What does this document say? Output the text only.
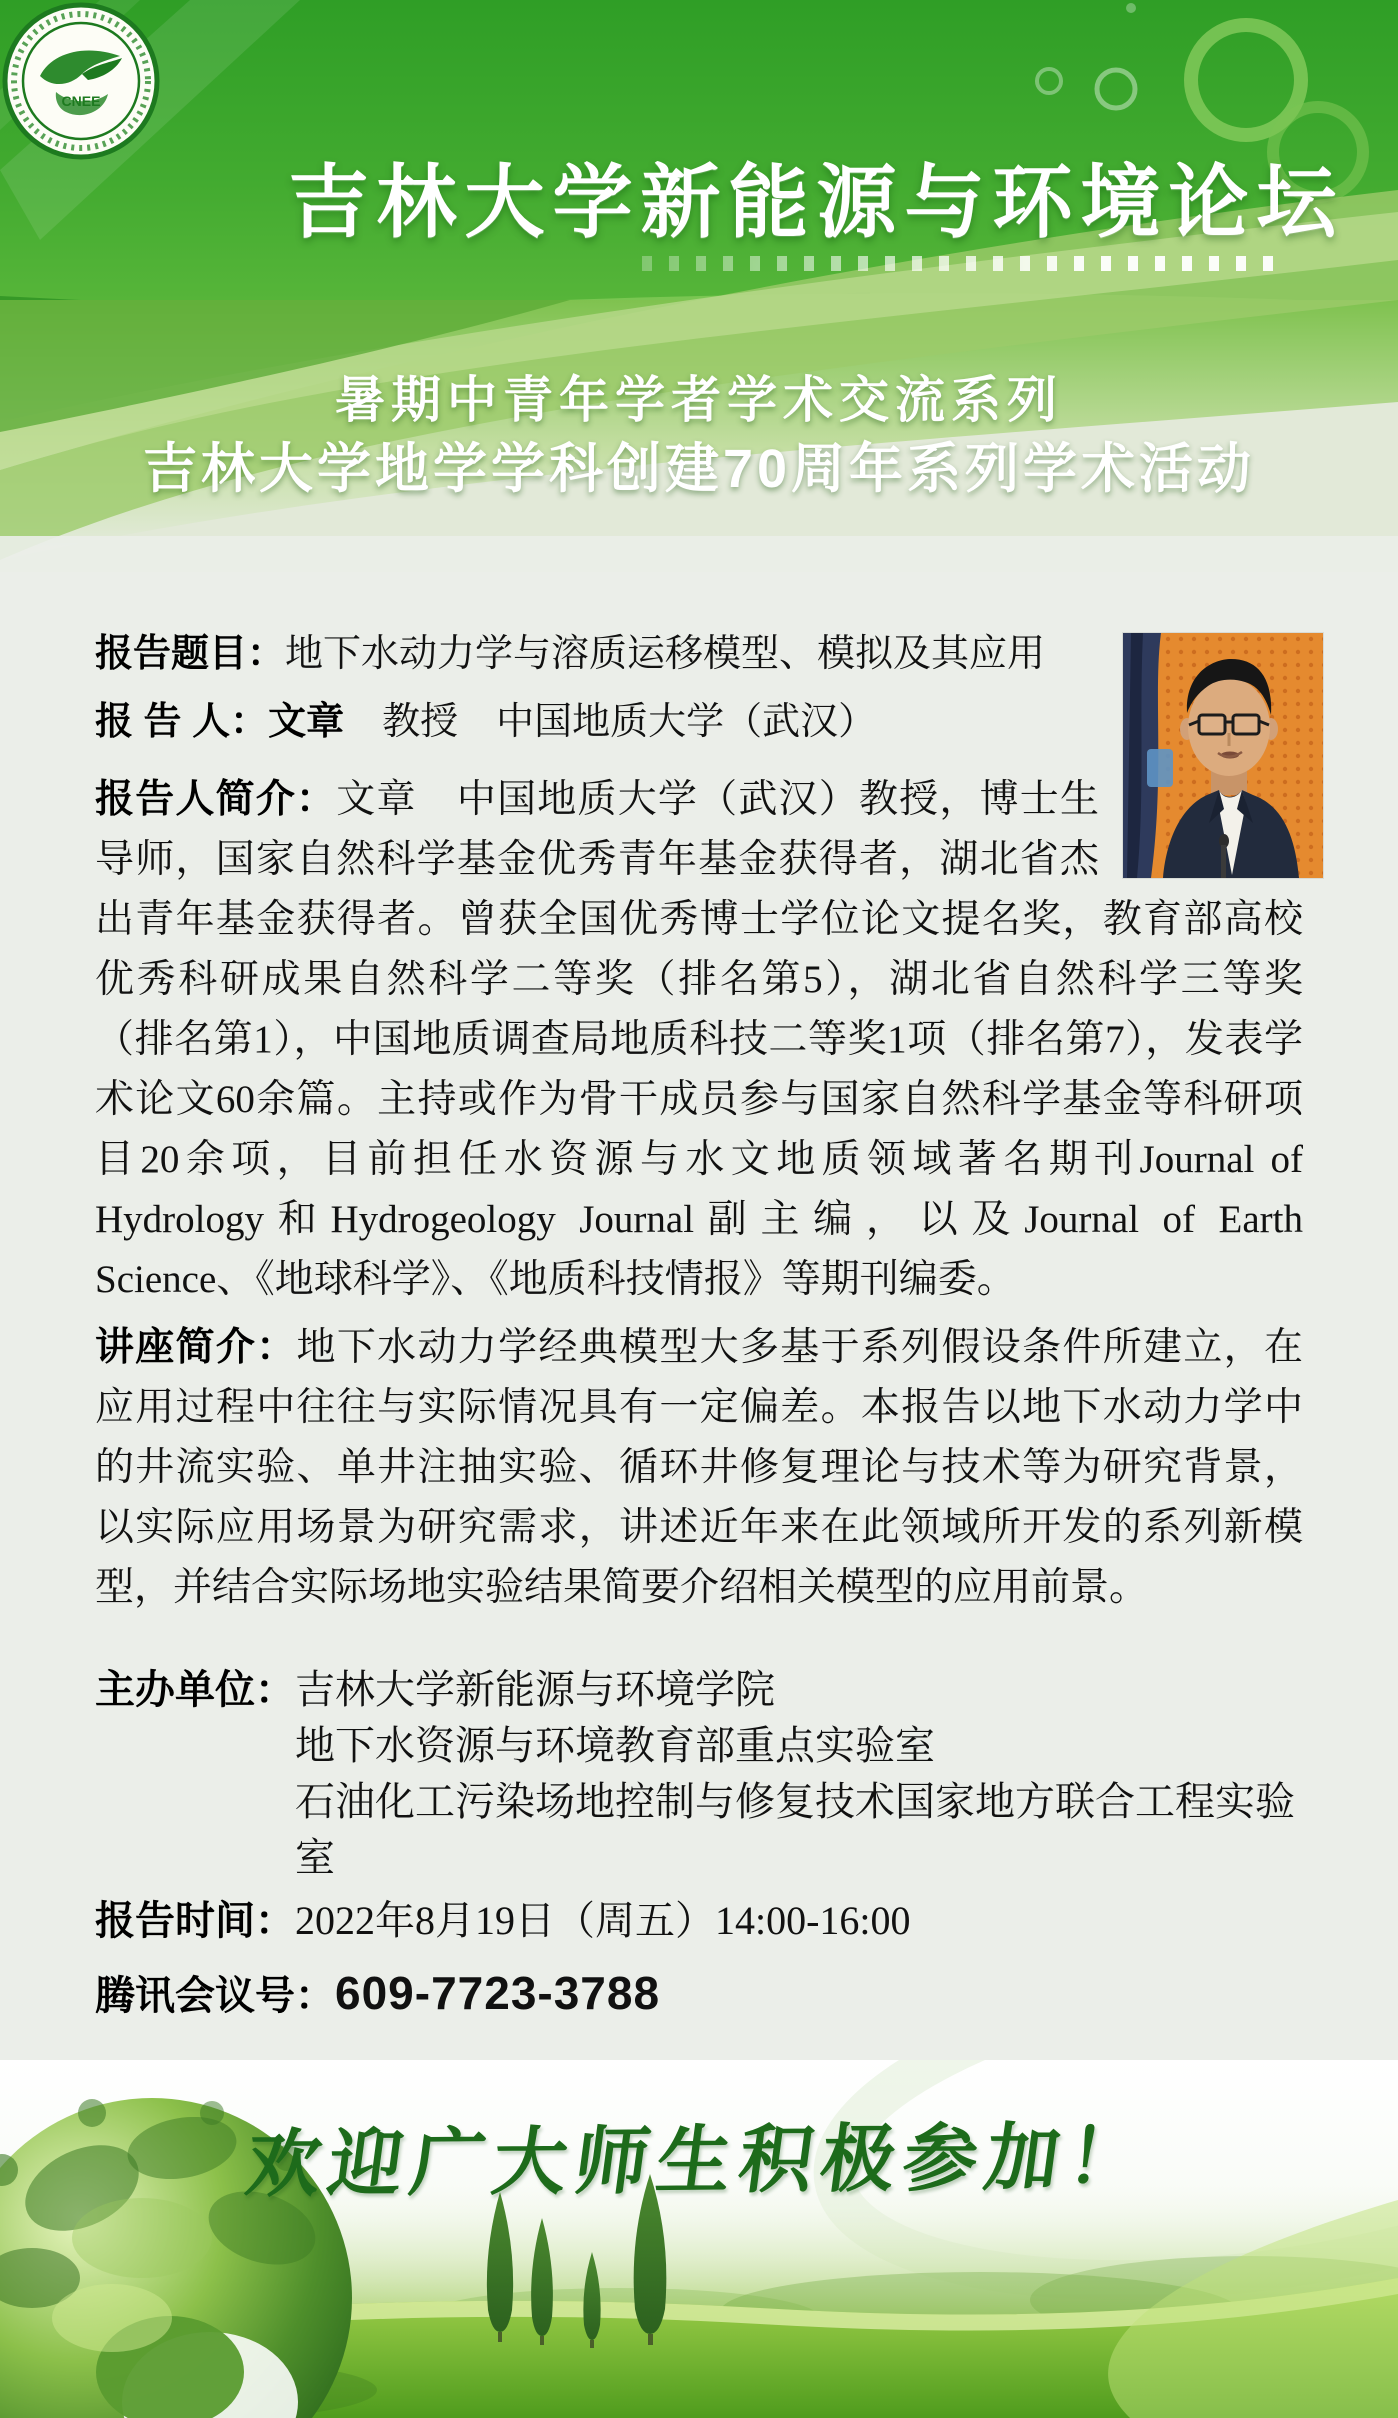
CNEE
吉林大学新能源与环境论坛
暑期中青年学者学术交流系列
吉林大学地学学科创建70周年系列学术活动

报告题目：地下水动力学与溶质运移模型、模拟及其应用

报 告 人：文章 教授 中国地质大学（武汉）

报告人简介：文章　中国地质大学（武汉）教授，博士生导师，国家自然科学基金优秀青年基金获得者，湖北省杰出青年基金获得者。曾获全国优秀博士学位论文提名奖，教育部高校优秀科研成果自然科学二等奖（排名第5），湖北省自然科学三等奖（排名第1），中国地质调查局地质科技二等奖1项（排名第7），发表学术论文60余篇。主持或作为骨干成员参与国家自然科学基金等科研项目20余项，目前担任水资源与水文地质领域著名期刊Journal of Hydrology和Hydrogeology Journal副主编，以及Journal of Earth Science、《地球科学》、《地质科技情报》等期刊编委。

讲座简介：地下水动力学经典模型大多基于系列假设条件所建立，在应用过程中往往与实际情况具有一定偏差。本报告以地下水动力学中的井流实验、单井注抽实验、循环井修复理论与技术等为研究背景，以实际应用场景为研究需求，讲述近年来在此领域所开发的系列新模型，并结合实际场地实验结果简要介绍相关模型的应用前景。

主办单位：吉林大学新能源与环境学院
地下水资源与环境教育部重点实验室
石油化工污染场地控制与修复技术国家地方联合工程实验室
报告时间：2022年8月19日（周五）14:00-16:00
腾讯会议号：609-7723-3788
欢迎广大师生积极参加！
